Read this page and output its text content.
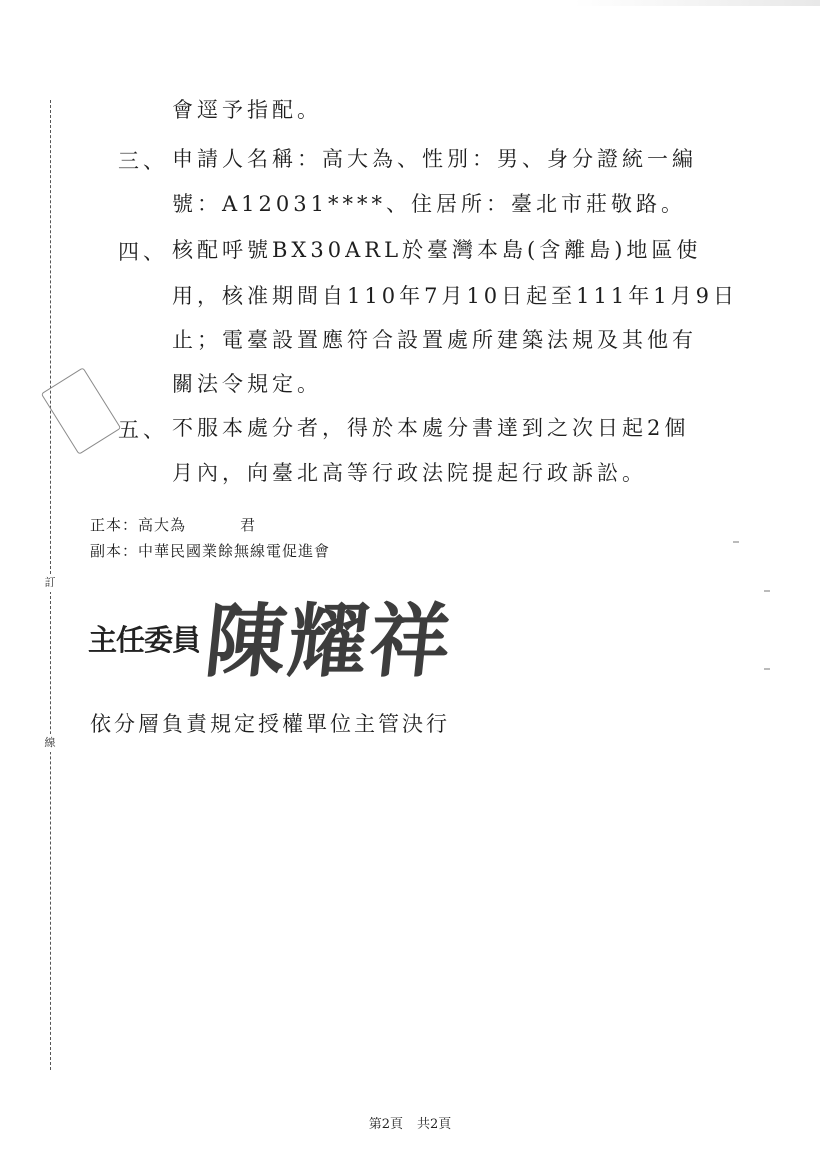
訂
線
會逕予指配。
三、 申請人名稱：高大為、性別：男、身分證統一編
號：A12031****、住居所：臺北市莊敬路。
四、 核配呼號BX30ARL於臺灣本島(含離島)地區使
用，核准期間自110年7月10日起至111年1月9日
止；電臺設置應符合設置處所建築法規及其他有
關法令規定。
五、 不服本處分者，得於本處分書達到之次日起2個
月內，向臺北高等行政法院提起行政訴訟。
正本：高大為	君
副本：中華民國業餘無線電促進會
主任委員 陳耀祥
依分層負責規定授權單位主管決行
第2頁 共2頁
